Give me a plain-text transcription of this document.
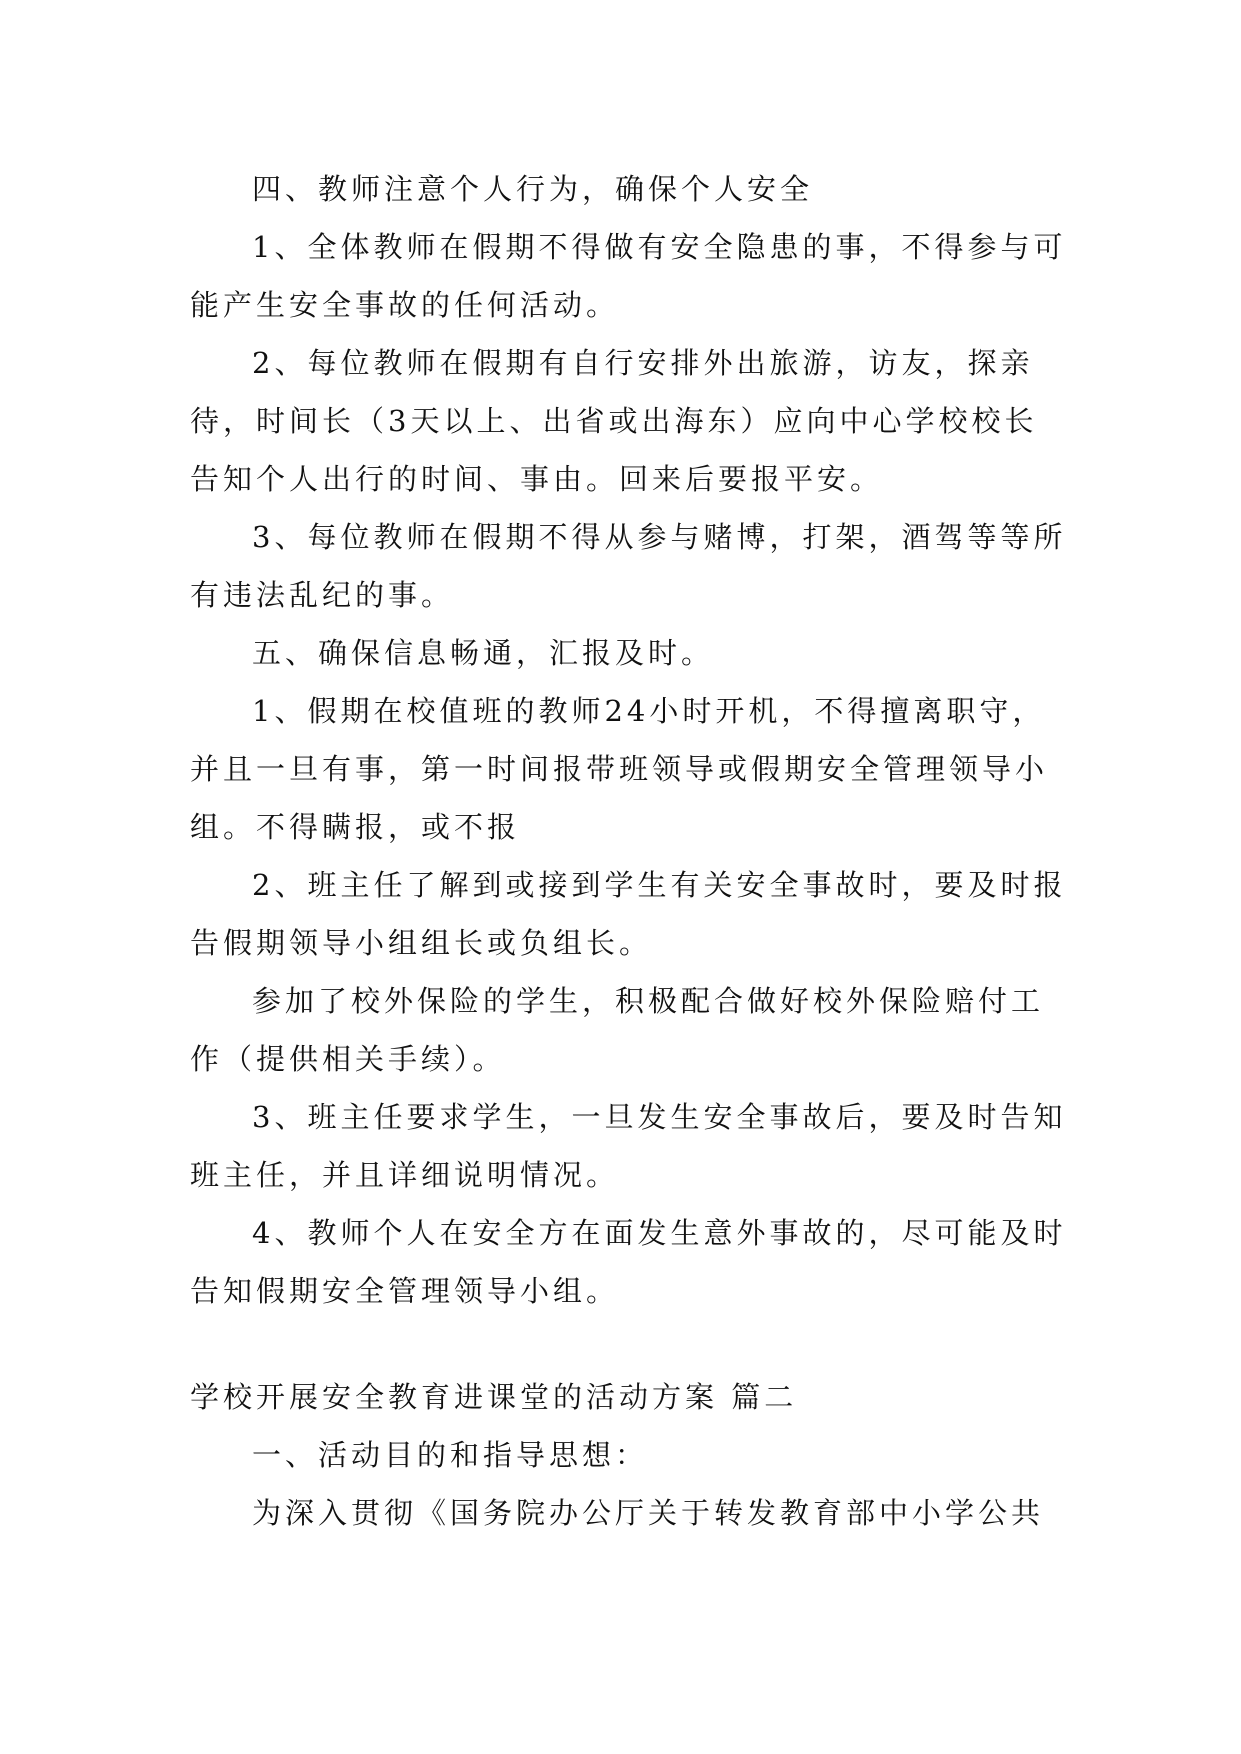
四、教师注意个人行为，确保个人安全

1、全体教师在假期不得做有安全隐患的事，不得参与可能产生安全事故的任何活动。

2、每位教师在假期有自行安排外出旅游，访友，探亲待，时间长（3天以上、出省或出海东）应向中心学校校长告知个人出行的时间、事由。回来后要报平安。

3、每位教师在假期不得从参与赌博，打架，酒驾等等所有违法乱纪的事。

五、确保信息畅通，汇报及时。

1、假期在校值班的教师24小时开机，不得擅离职守，并且一旦有事，第一时间报带班领导或假期安全管理领导小组。不得瞒报，或不报

2、班主任了解到或接到学生有关安全事故时，要及时报告假期领导小组组长或负组长。

参加了校外保险的学生，积极配合做好校外保险赔付工作（提供相关手续）。

3、班主任要求学生，一旦发生安全事故后，要及时告知班主任，并且详细说明情况。

4、教师个人在安全方在面发生意外事故的，尽可能及时告知假期安全管理领导小组。

学校开展安全教育进课堂的活动方案 篇二

一、活动目的和指导思想：

为深入贯彻《国务院办公厅关于转发教育部中小学公共
